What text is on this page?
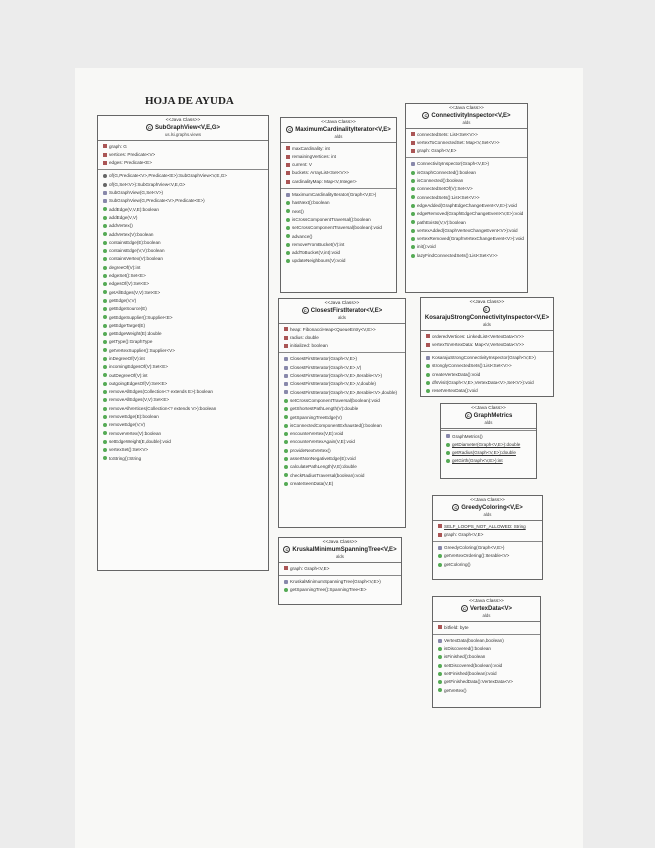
HOJA DE AYUDA
<<Java Class>>
C SubGraphView<V,E,G>
us.lsi.graphs.views
graph: G
vertices: Predicate<V>
edges: Predicate<E>
of(G,Predicate<V>,Predicate<E>):SubGraphView<V,E,G>
of(G,Set<V>):SubGraphView<V,E,G>
SubGraphView(G,Set<V>)
SubGraphView(G,Predicate<V>,Predicate<E>)
addEdge(V,V,E):boolean
addEdge(V,V)
addVertex()
addVertex(V):boolean
containsEdge(E):boolean
containsEdge(V,V):boolean
containsVertex(V):boolean
degreeOf(V):int
edgeSet():Set<E>
edgesOf(V):Set<E>
getAllEdges(V,V):Set<E>
getEdge(V,V)
getEdgeSource(E)
getEdgeSupplier():Supplier<E>
getEdgeTarget(E)
getEdgeWeight(E):double
getType():GraphType
getVertexSupplier():Supplier<V>
inDegreeOf(V):int
incomingEdgesOf(V):Set<E>
outDegreeOf(V):int
outgoingEdgesOf(V):Set<E>
removeAllEdges(Collection<? extends E>):boolean
removeAllEdges(V,V):Set<E>
removeAllVertices(Collection<? extends V>):boolean
removeEdge(E):boolean
removeEdge(V,V)
removeVertex(V):boolean
setEdgeWeight(E,double):void
vertexSet():Set<V>
toString():String
<<Java Class>>
C MaximumCardinalityIterator<V,E>
alds
maxCardinality: int
remainingVertices: int
current: V
buckets: ArrayList<Set<V>>
cardinalityMap: Map<V,Integer>
MaximumCardinalityIterator(Graph<V,E>)
hasNext():boolean
next()
isCrossComponentTraversal():boolean
setCrossComponentTraversal(boolean):void
advance()
removeFromBucket(V):int
addToBucket(V,int):void
updateNeighbours(V):void
<<Java Class>>
C ClosestFirstIterator<V,E>
alds
heap: FibonacciHeap<QueueEntry<V,E>>
radius: double
initialized: boolean
ClosestFirstIterator(Graph<V,E>)
ClosestFirstIterator(Graph<V,E>,V)
ClosestFirstIterator(Graph<V,E>,Iterable<V>)
ClosestFirstIterator(Graph<V,E>,V,double)
ClosestFirstIterator(Graph<V,E>,Iterable<V>,double)
setCrossComponentTraversal(boolean):void
getShortestPathLength(V):double
getSpanningTreeEdge(V)
isConnectedComponentExhausted():boolean
encounterVertex(V,E):void
encounterVertexAgain(V,E):void
provideNextVertex()
assertNonNegativeEdge(E):void
calculatePathLength(V,E):double
checkRadiusTraversal(boolean):void
createSeenData(V,E)
<<Java Class>>
C KruskalMinimumSpanningTree<V,E>
alds
graph: Graph<V,E>
KruskalMinimumSpanningTree(Graph<V,E>)
getSpanningTree():SpanningTree<E>
<<Java Class>>
C ConnectivityInspector<V,E>
alds
connectedSets: List<Set<V>>
vertexToConnectedSet: Map<V,Set<V>>
graph: Graph<V,E>
ConnectivityInspector(Graph<V,E>)
isGraphConnected():boolean
isConnected():boolean
connectedSetOf(V):Set<V>
connectedSets():List<Set<V>>
edgeAdded(GraphEdgeChangeEvent<V,E>):void
edgeRemoved(GraphEdgeChangeEvent<V,E>):void
pathExists(V,V):boolean
vertexAdded(GraphVertexChangeEvent<V>):void
vertexRemoved(GraphVertexChangeEvent<V>):void
init():void
lazyFindConnectedSets():List<Set<V>>
<<Java Class>>
CKosarajuStrongConnectivityInspector<V,E>
alds
orderedVertices: LinkedList<VertexData<V>>
vertexToVertexData: Map<V,VertexData<V>>
KosarajuStrongConnectivityInspector(Graph<V,E>)
stronglyConnectedSets():List<Set<V>>
createVertexData():void
dfsVisit(Graph<V,E>,VertexData<V>,Set<V>):void
resetVertexData():void
<<Java Class>>
C GraphMetrics
alds
GraphMetrics()
getDiameter(Graph<V,E>):double
getRadius(Graph<V,E>):double
getGirth(Graph<V,E>):int
<<Java Class>>
C GreedyColoring<V,E>
alds
SELF_LOOPS_NOT_ALLOWED: String
graph: Graph<V,E>
GreedyColoring(Graph<V,E>)
getVertexOrdering():Iterable<V>
getColoring()
<<Java Class>>
C VertexData<V>
alds
bitfield: byte
VertexData(boolean,boolean)
isDiscovered():boolean
isFinished():boolean
setDiscovered(boolean):void
setFinished(boolean):void
getFinishedData():VertexData<V>
getVertex()
